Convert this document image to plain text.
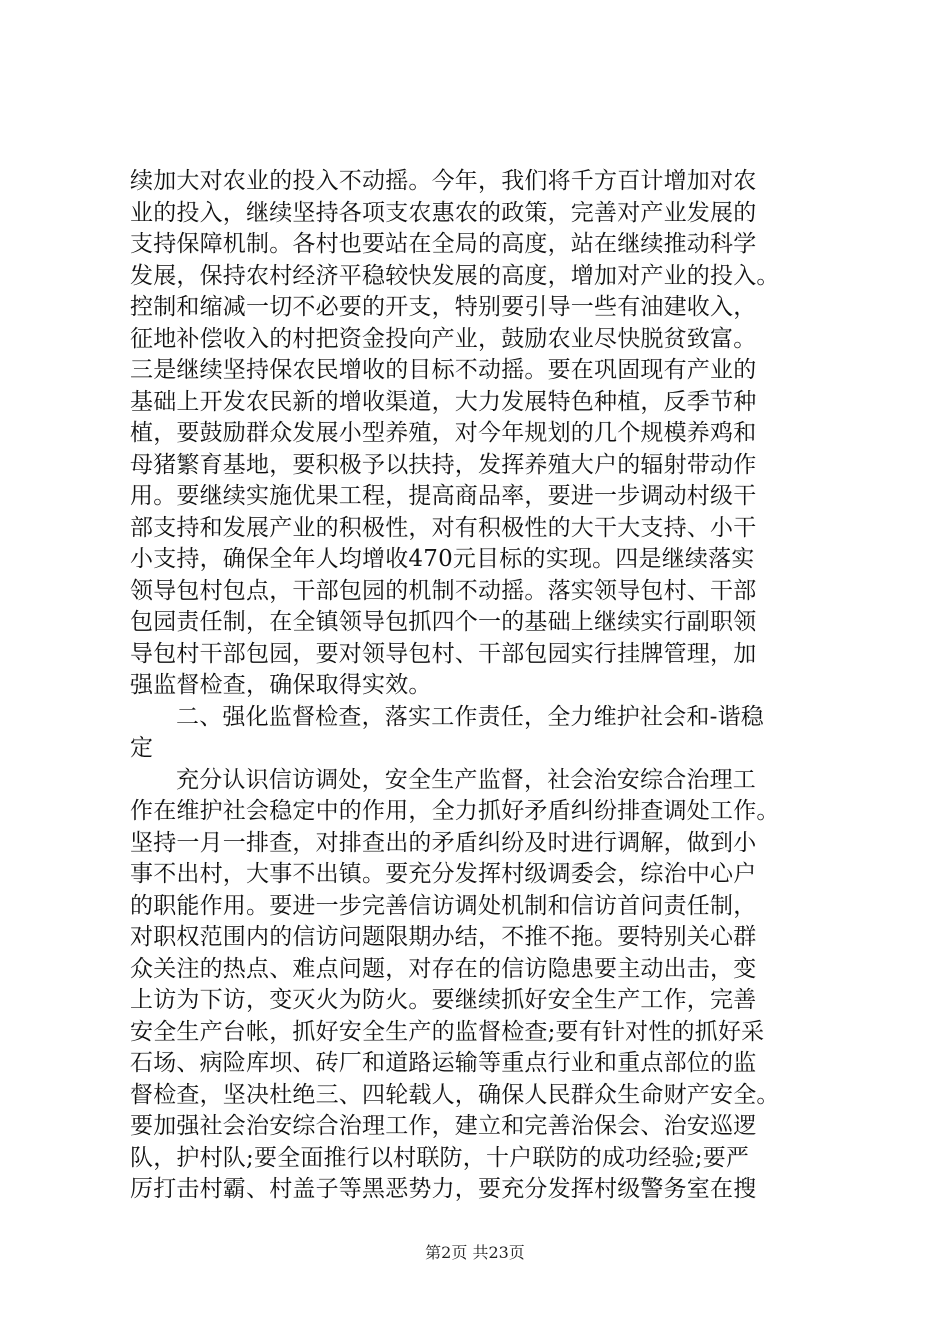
续加大对农业的投入不动摇。今年，我们将千方百计增加对农
业的投入，继续坚持各项支农惠农的政策，完善对产业发展的
支持保障机制。各村也要站在全局的高度，站在继续推动科学
发展，保持农村经济平稳较快发展的高度，增加对产业的投入。
控制和缩减一切不必要的开支，特别要引导一些有油建收入，
征地补偿收入的村把资金投向产业，鼓励农业尽快脱贫致富。
三是继续坚持保农民增收的目标不动摇。要在巩固现有产业的
基础上开发农民新的增收渠道，大力发展特色种植，反季节种
植，要鼓励群众发展小型养殖，对今年规划的几个规模养鸡和
母猪繁育基地，要积极予以扶持，发挥养殖大户的辐射带动作
用。要继续实施优果工程，提高商品率，要进一步调动村级干
部支持和发展产业的积极性，对有积极性的大干大支持、小干
小支持，确保全年人均增收470元目标的实现。四是继续落实
领导包村包点，干部包园的机制不动摇。落实领导包村、干部
包园责任制，在全镇领导包抓四个一的基础上继续实行副职领
导包村干部包园，要对领导包村、干部包园实行挂牌管理，加
强监督检查，确保取得实效。
二、强化监督检查，落实工作责任，全力维护社会和-谐稳
定
充分认识信访调处，安全生产监督，社会治安综合治理工
作在维护社会稳定中的作用，全力抓好矛盾纠纷排查调处工作。
坚持一月一排查，对排查出的矛盾纠纷及时进行调解，做到小
事不出村，大事不出镇。要充分发挥村级调委会，综治中心户
的职能作用。要进一步完善信访调处机制和信访首问责任制，
对职权范围内的信访问题限期办结，不推不拖。要特别关心群
众关注的热点、难点问题，对存在的信访隐患要主动出击，变
上访为下访，变灭火为防火。要继续抓好安全生产工作，完善
安全生产台帐，抓好安全生产的监督检查;要有针对性的抓好采
石场、病险库坝、砖厂和道路运输等重点行业和重点部位的监
督检查，坚决杜绝三、四轮载人，确保人民群众生命财产安全。
要加强社会治安综合治理工作，建立和完善治保会、治安巡逻
队，护村队;要全面推行以村联防，十户联防的成功经验;要严
厉打击村霸、村盖子等黑恶势力，要充分发挥村级警务室在搜
第2页 共23页
